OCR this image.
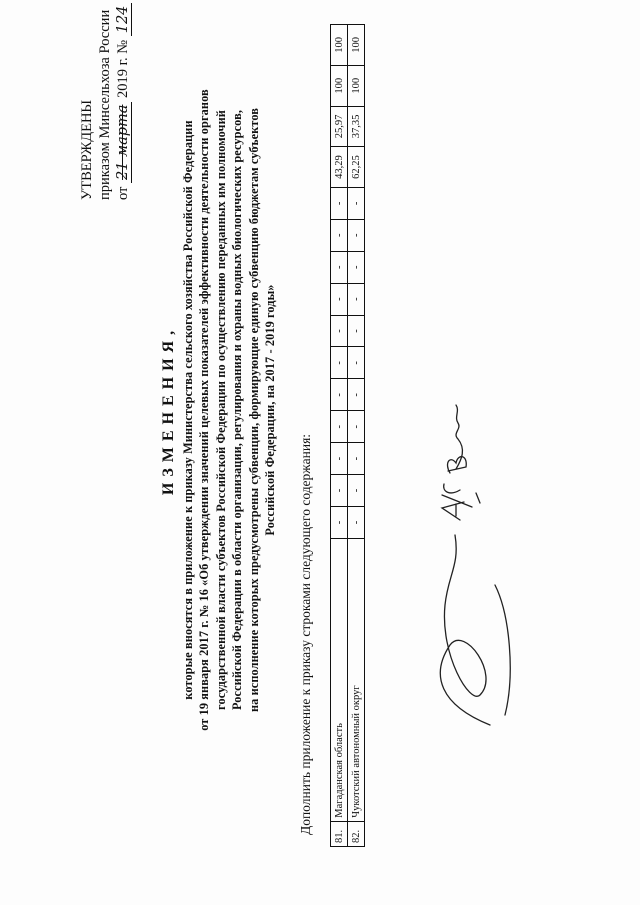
УТВЕРЖДЕНЫ приказом Минсельхоза России от 21 марта 2019 г. № 124
ИЗМЕНЕНИЯ, которые вносятся в приложение к приказу Министерства сельского хозяйства Российской Федерации от 19 января 2017 г. № 16 «Об утверждении значений целевых показателей эффективности деятельности органов государственной власти субъектов Российской Федерации по осуществлению переданных им полномочий Российской Федерации в области организации, регулирования и охраны водных биологических ресурсов, на исполнение которых предусмотрены субвенции, формирующие единую субвенцию бюджетам субъектов Российской Федерации, на 2017 - 2019 годы»
Дополнить приложение к приказу строками следующего содержания:
81.	Магаданская область	-	-	-	-	-	-	-	-	-	-	-	43,29	25,97	100	100
82.	Чукотский автономный округ	-	-	-	-	-	-	-	-	-	-	-	62,25	37,35	100	100
